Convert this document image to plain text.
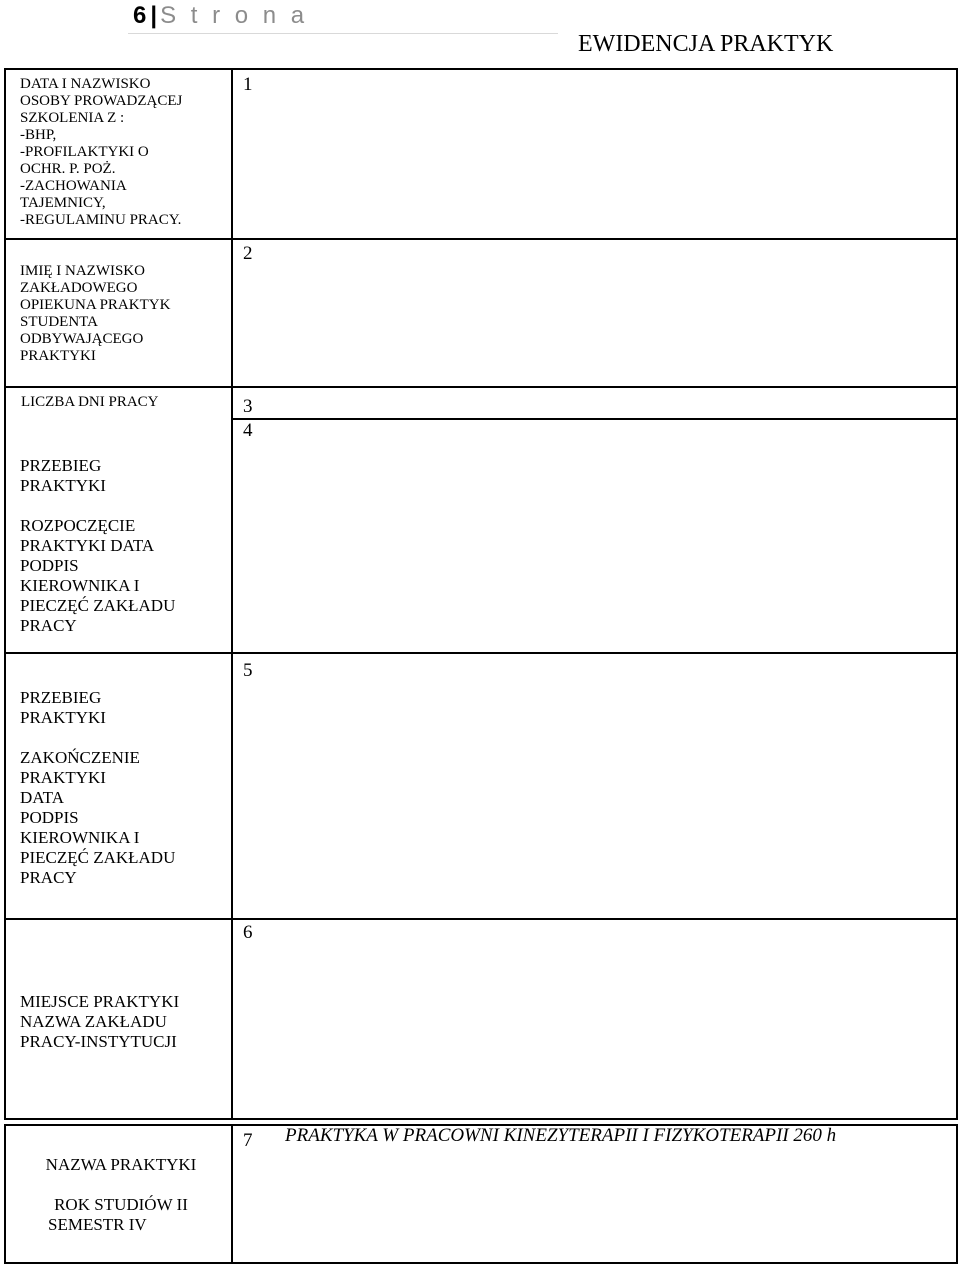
6 | S t r o n a
EWIDENCJA PRAKTYK
DATA I NAZWISKO
OSOBY PROWADZĄCEJ
SZKOLENIA Z :
-BHP,
-PROFILAKTYKI O
OCHR. P. POŻ.
-ZACHOWANIA
TAJEMNICY,
-REGULAMINU PRACY.
1
IMIĘ I NAZWISKO
ZAKŁADOWEGO
OPIEKUNA PRAKTYK
STUDENTA
ODBYWAJĄCEGO
PRAKTYKI
2
LICZBA DNI PRACY	3
4
PRZEBIEG
PRAKTYKI
ROZPOCZĘCIE
PRAKTYKI DATA
PODPIS
KIEROWNIKA I
PIECZĘĆ ZAKŁADU
PRACY
5
PRZEBIEG
PRAKTYKI
ZAKOŃCZENIE
PRAKTYKI
DATA
PODPIS
KIEROWNIKA I
PIECZĘĆ ZAKŁADU
PRACY
6
MIEJSCE PRAKTYKI
NAZWA ZAKŁADU
PRACY-INSTYTUCJI
7 PRAKTYKA W PRACOWNI KINEZYTERAPII I FIZYKOTERAPII 260 h
NAZWA PRAKTYKI
ROK STUDIÓW II
SEMESTR IV
